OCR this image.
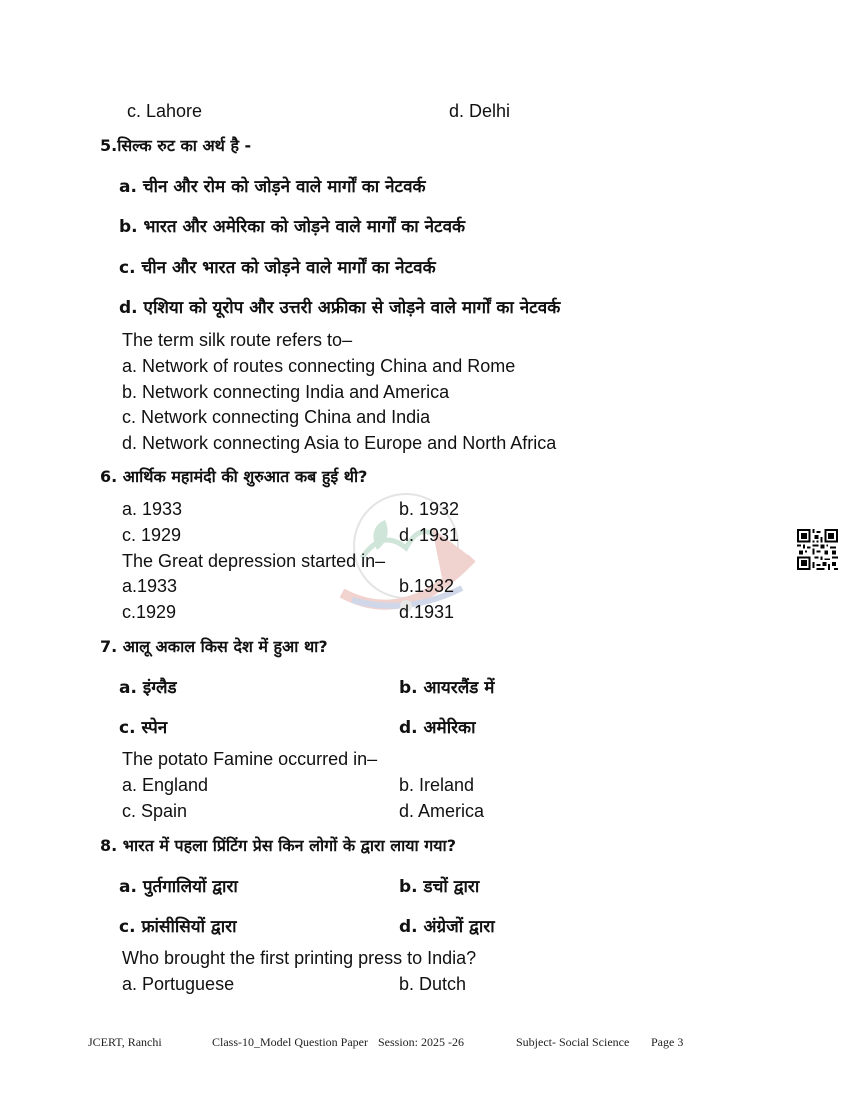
c. Lahore	d. Delhi
5.सिल्क रुट का अर्थ है -
a. चीन और रोम को जोड़ने वाले मार्गों का नेटवर्क
b. भारत और अमेरिका को जोड़ने वाले मार्गों का नेटवर्क
c. चीन और भारत को जोड़ने वाले मार्गों का नेटवर्क
d. एशिया को यूरोप और उत्तरी अफ्रीका से जोड़ने वाले मार्गों का नेटवर्क
The term silk route refers to–
a. Network of routes connecting China and Rome
b. Network connecting India and America
c. Network connecting China and India
d. Network connecting Asia to Europe and North Africa
6. आर्थिक महामंदी की शुरुआत कब हुई थी?
a. 1933	b. 1932
c. 1929	d. 1931
The Great depression started in–
a.1933	b.1932
c.1929	d.1931
7. आलू अकाल किस देश में हुआ था?
a. इंग्लैड	b. आयरलैंड में
c. स्पेन	d. अमेरिका
The potato Famine occurred in–
a. England	b. Ireland
c. Spain	d. America
8. भारत में पहला प्रिंटिंग प्रेस किन लोगों के द्वारा लाया गया?
a. पुर्तगालियों द्वारा	b. डचों द्वारा
c. फ्रांसीसियों द्वारा	d. अंग्रेजों द्वारा
Who brought the first printing press to India?
a. Portuguese	b. Dutch
JCERT, Ranchi	Class-10_Model Question Paper Session: 2025 -26	Subject- Social Science Page 3
